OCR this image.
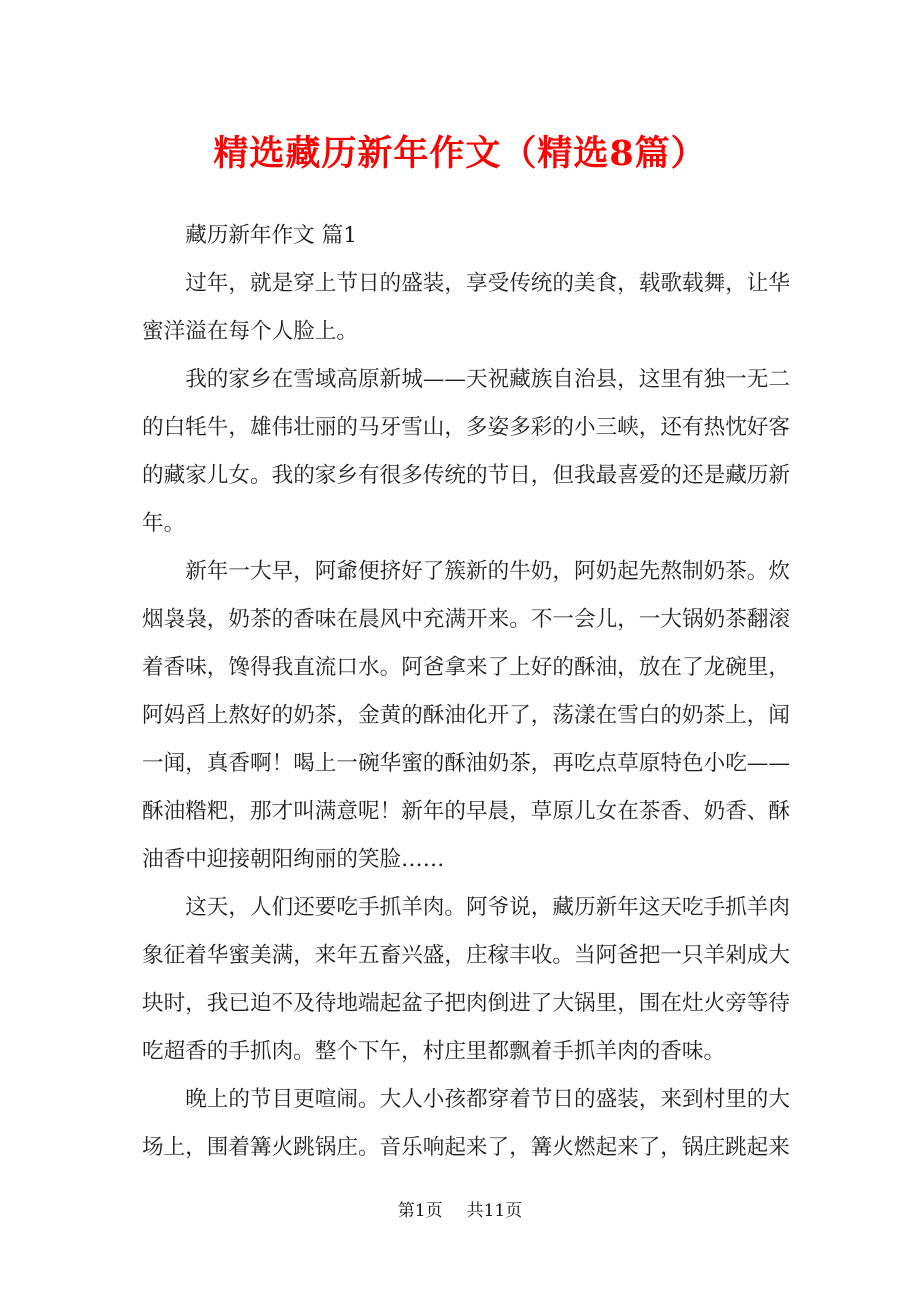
精选藏历新年作文（精选8篇）

藏历新年作文 篇1

过年，就是穿上节日的盛装，享受传统的美食，载歌载舞，让华蜜洋溢在每个人脸上。

我的家乡在雪域高原新城——天祝藏族自治县，这里有独一无二的白牦牛，雄伟壮丽的马牙雪山，多姿多彩的小三峡，还有热忱好客的藏家儿女。我的家乡有很多传统的节日，但我最喜爱的还是藏历新年。

新年一大早，阿爺便挤好了簇新的牛奶，阿奶起先熬制奶茶。炊烟袅袅，奶茶的香味在晨风中充满开来。不一会儿，一大锅奶茶翻滚着香味，馋得我直流口水。阿爸拿来了上好的酥油，放在了龙碗里，阿妈舀上熬好的奶茶，金黄的酥油化开了，荡漾在雪白的奶茶上，闻一闻，真香啊！喝上一碗华蜜的酥油奶茶，再吃点草原特色小吃——酥油糌粑，那才叫满意呢！新年的早晨，草原儿女在茶香、奶香、酥油香中迎接朝阳绚丽的笑脸……

这天，人们还要吃手抓羊肉。阿爷说，藏历新年这天吃手抓羊肉象征着华蜜美满，来年五畜兴盛，庄稼丰收。当阿爸把一只羊剁成大块时，我已迫不及待地端起盆子把肉倒进了大锅里，围在灶火旁等待吃超香的手抓肉。整个下午，村庄里都飘着手抓羊肉的香味。

晚上的节目更喧闹。大人小孩都穿着节日的盛装，来到村里的大场上，围着篝火跳锅庄。音乐响起来了，篝火燃起来了，锅庄跳起来

第1页 共11页
